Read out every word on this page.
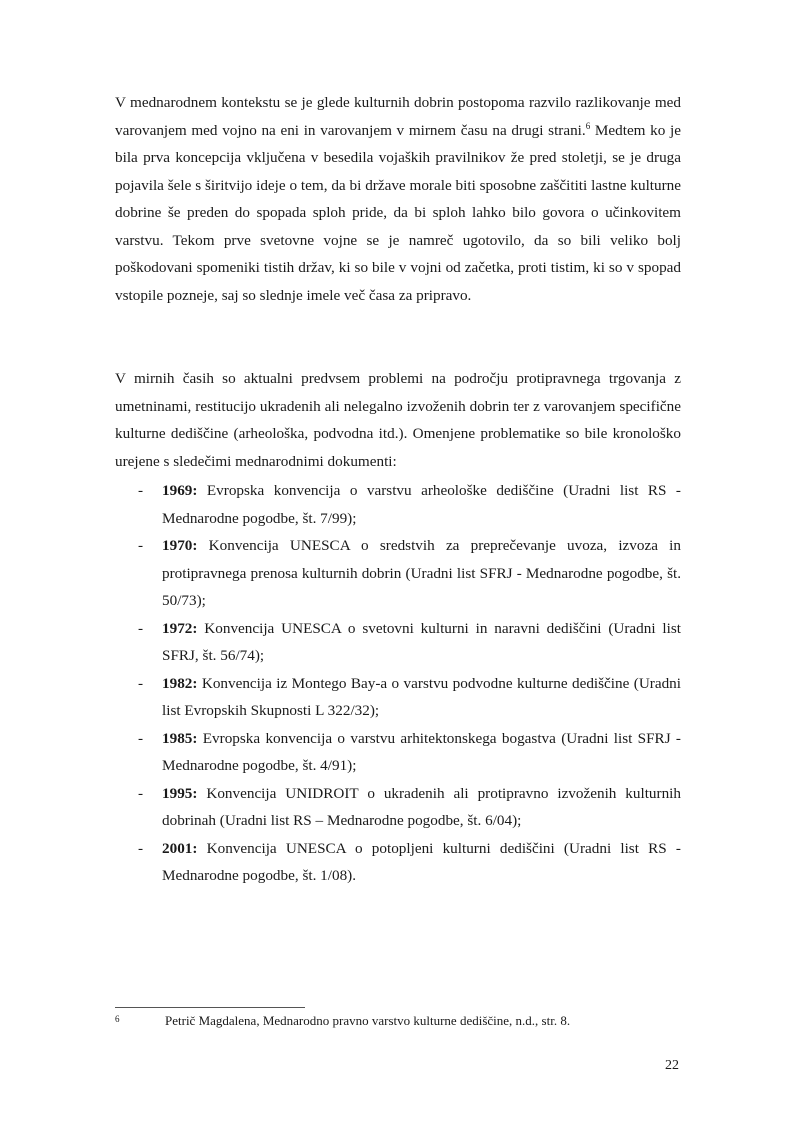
V mednarodnem kontekstu se je glede kulturnih dobrin postopoma razvilo razlikovanje med varovanjem med vojno na eni in varovanjem v mirnem času na drugi strani.$^6$ Medtem ko je bila prva koncepcija vključena v besedila vojaških pravilnikov že pred stoletji, se je druga pojavila šele s širitvijo ideje o tem, da bi države morale biti sposobne zaščititi lastne kulturne dobrine še preden do spopada sploh pride, da bi sploh lahko bilo govora o učinkovitem varstvu. Tekom prve svetovne vojne se je namreč ugotovilo, da so bili veliko bolj poškodovani spomeniki tistih držav, ki so bile v vojni od začetka, proti tistim, ki so v spopad vstopile pozneje, saj so slednje imele več časa za pripravo.

V mirnih časih so aktualni predvsem problemi na področju protipravnega trgovanja z umetninami, restitucijo ukradenih ali nelegalno izvoženih dobrin ter z varovanjem specifične kulturne dediščine (arheološka, podvodna itd.). Omenjene problematike so bile kronološko urejene s sledečimi mednarodnimi dokumenti:

- 1969: Evropska konvencija o varstvu arheološke dediščine (Uradni list RS - Mednarodne pogodbe, št. 7/99);
- 1970: Konvencija UNESCA o sredstvih za preprečevanje uvoza, izvoza in protipravnega prenosa kulturnih dobrin (Uradni list SFRJ - Mednarodne pogodbe, št. 50/73);
- 1972: Konvencija UNESCA o svetovni kulturni in naravni dediščini (Uradni list SFRJ, št. 56/74);
- 1982: Konvencija iz Montego Bay-a o varstvu podvodne kulturne dediščine (Uradni list Evropskih Skupnosti L 322/32);
- 1985: Evropska konvencija o varstvu arhitektonskega bogastva (Uradni list SFRJ - Mednarodne pogodbe, št. 4/91);
- 1995: Konvencija UNIDROIT o ukradenih ali protipravno izvoženih kulturnih dobrinah (Uradni list RS – Mednarodne pogodbe, št. 6/04);
- 2001: Konvencija UNESCA o potopljeni kulturni dediščini (Uradni list RS - Mednarodne pogodbe, št. 1/08).
6	Petrič Magdalena, Mednarodno pravno varstvo kulturne dediščine, n.d., str. 8.
22
